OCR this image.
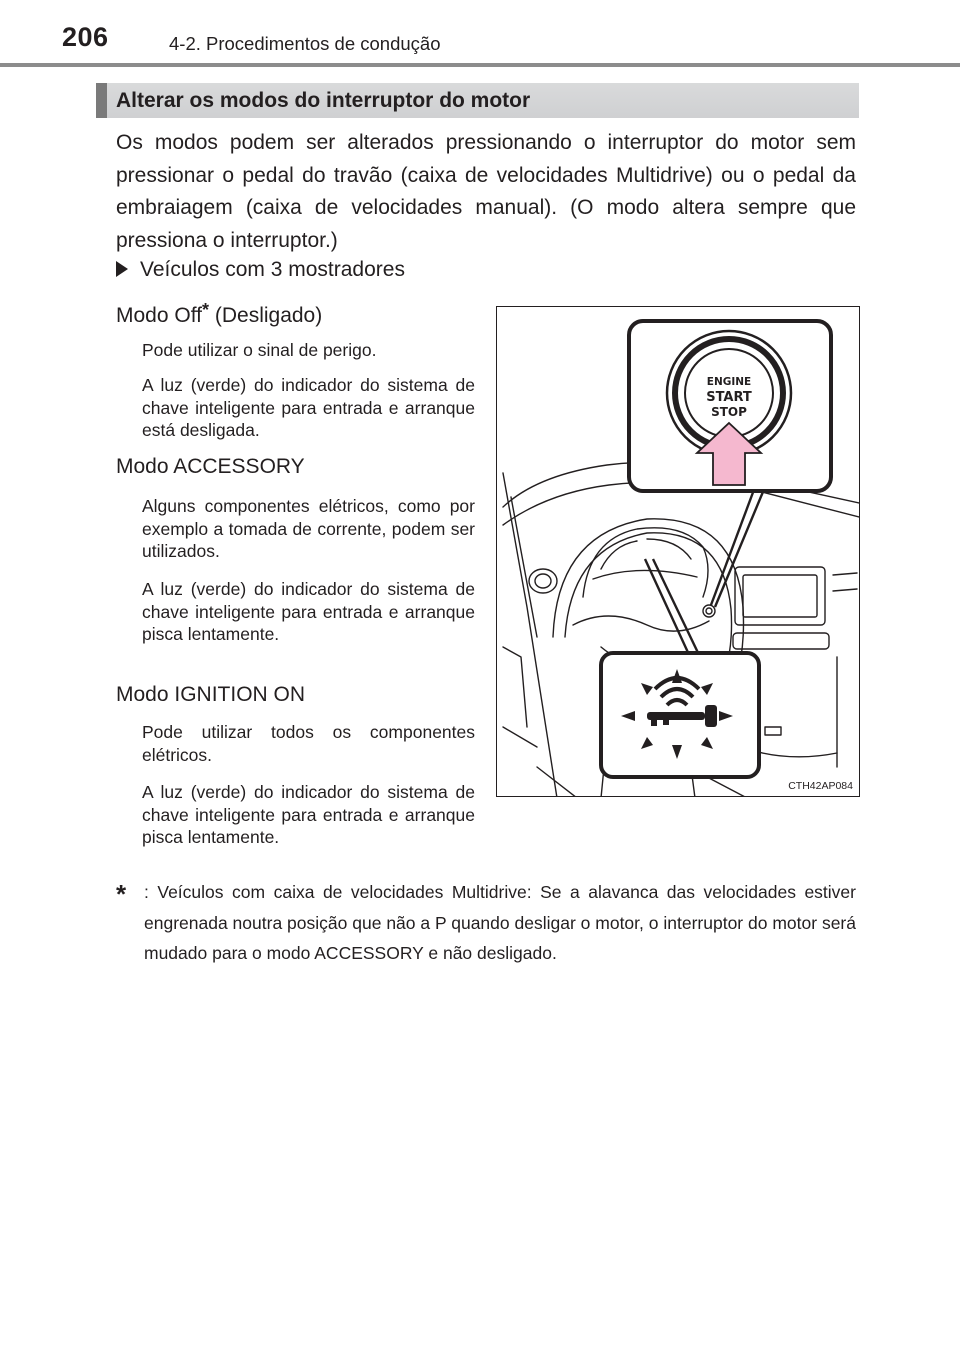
206	4-2. Procedimentos de condução
Alterar os modos do interruptor do motor

Os modos podem ser alterados pressionando o interruptor do motor sem pressionar o pedal do travão (caixa de velocidades Multidrive) ou o pedal da embraiagem (caixa de velocidades manual). (O modo altera sempre que pressiona o interruptor.)

Veículos com 3 mostradores
Modo Off* (Desligado)

Pode utilizar o sinal de perigo.

A luz (verde) do indicador do sistema de chave inteligente para entrada e arranque está desligada.

Modo ACCESSORY

Alguns componentes elétricos, como por exemplo a tomada de corrente, podem ser utilizados.

A luz (verde) do indicador do sistema de chave inteligente para entrada e arranque pisca lentamente.

Modo IGNITION ON

Pode utilizar todos os componentes elétricos.

A luz (verde) do indicador do sistema de chave inteligente para entrada e arranque pisca lentamente.

*	: Veículos com caixa de velocidades Multidrive: Se a alavanca das velocidades estiver engrenada noutra posição que não a P quando desligar o motor, o interruptor do motor será mudado para o modo ACCESSORY e não desligado.
ENGINE
START
STOP
CTH42AP084
